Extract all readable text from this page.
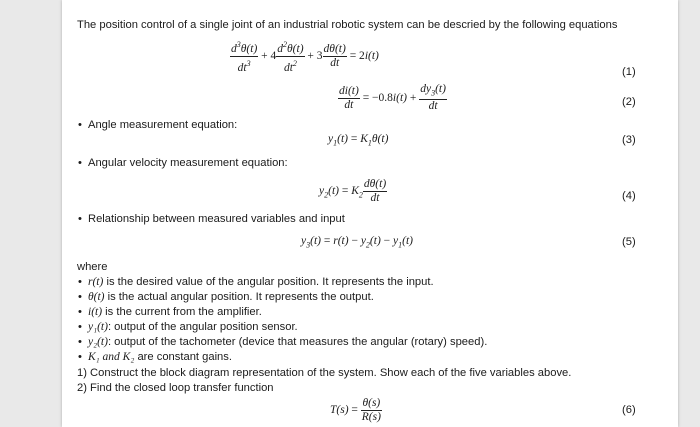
The position control of a single joint of an industrial robotic system can be descried by the following equations
$\frac{d^3\theta(t)}{dt^3} + 4 \frac{d^2\theta(t)}{dt^2} + 3 \frac{d\theta(t)}{dt} = 2i(t)$
(1)
$\frac{di(t)}{dt} = -0.8i(t) + \frac{dy_3(t)}{dt}$	(2)
• Angle measurement equation:
$y_1(t) = K_1\theta(t)$	(3)
• Angular velocity measurement equation:
$y_2(t) = K_2 \frac{d\theta(t)}{dt}$	(4)
• Relationship between measured variables and input
$y_3(t) = r(t) - y_2(t) - y_1(t)$	(5)
where
• r(t) is the desired value of the angular position. It represents the input.
• θ(t) is the actual angular position. It represents the output.
• i(t) is the current from the amplifier.
• y₁(t): output of the angular position sensor.
• y₂(t): output of the tachometer (device that measures the angular (rotary) speed).
• K₁ and K₂ are constant gains.
1) Construct the block diagram representation of the system. Show each of the five variables above.
2) Find the closed loop transfer function
$T(s) = \frac{\theta(s)}{R(s)}$	(6)
